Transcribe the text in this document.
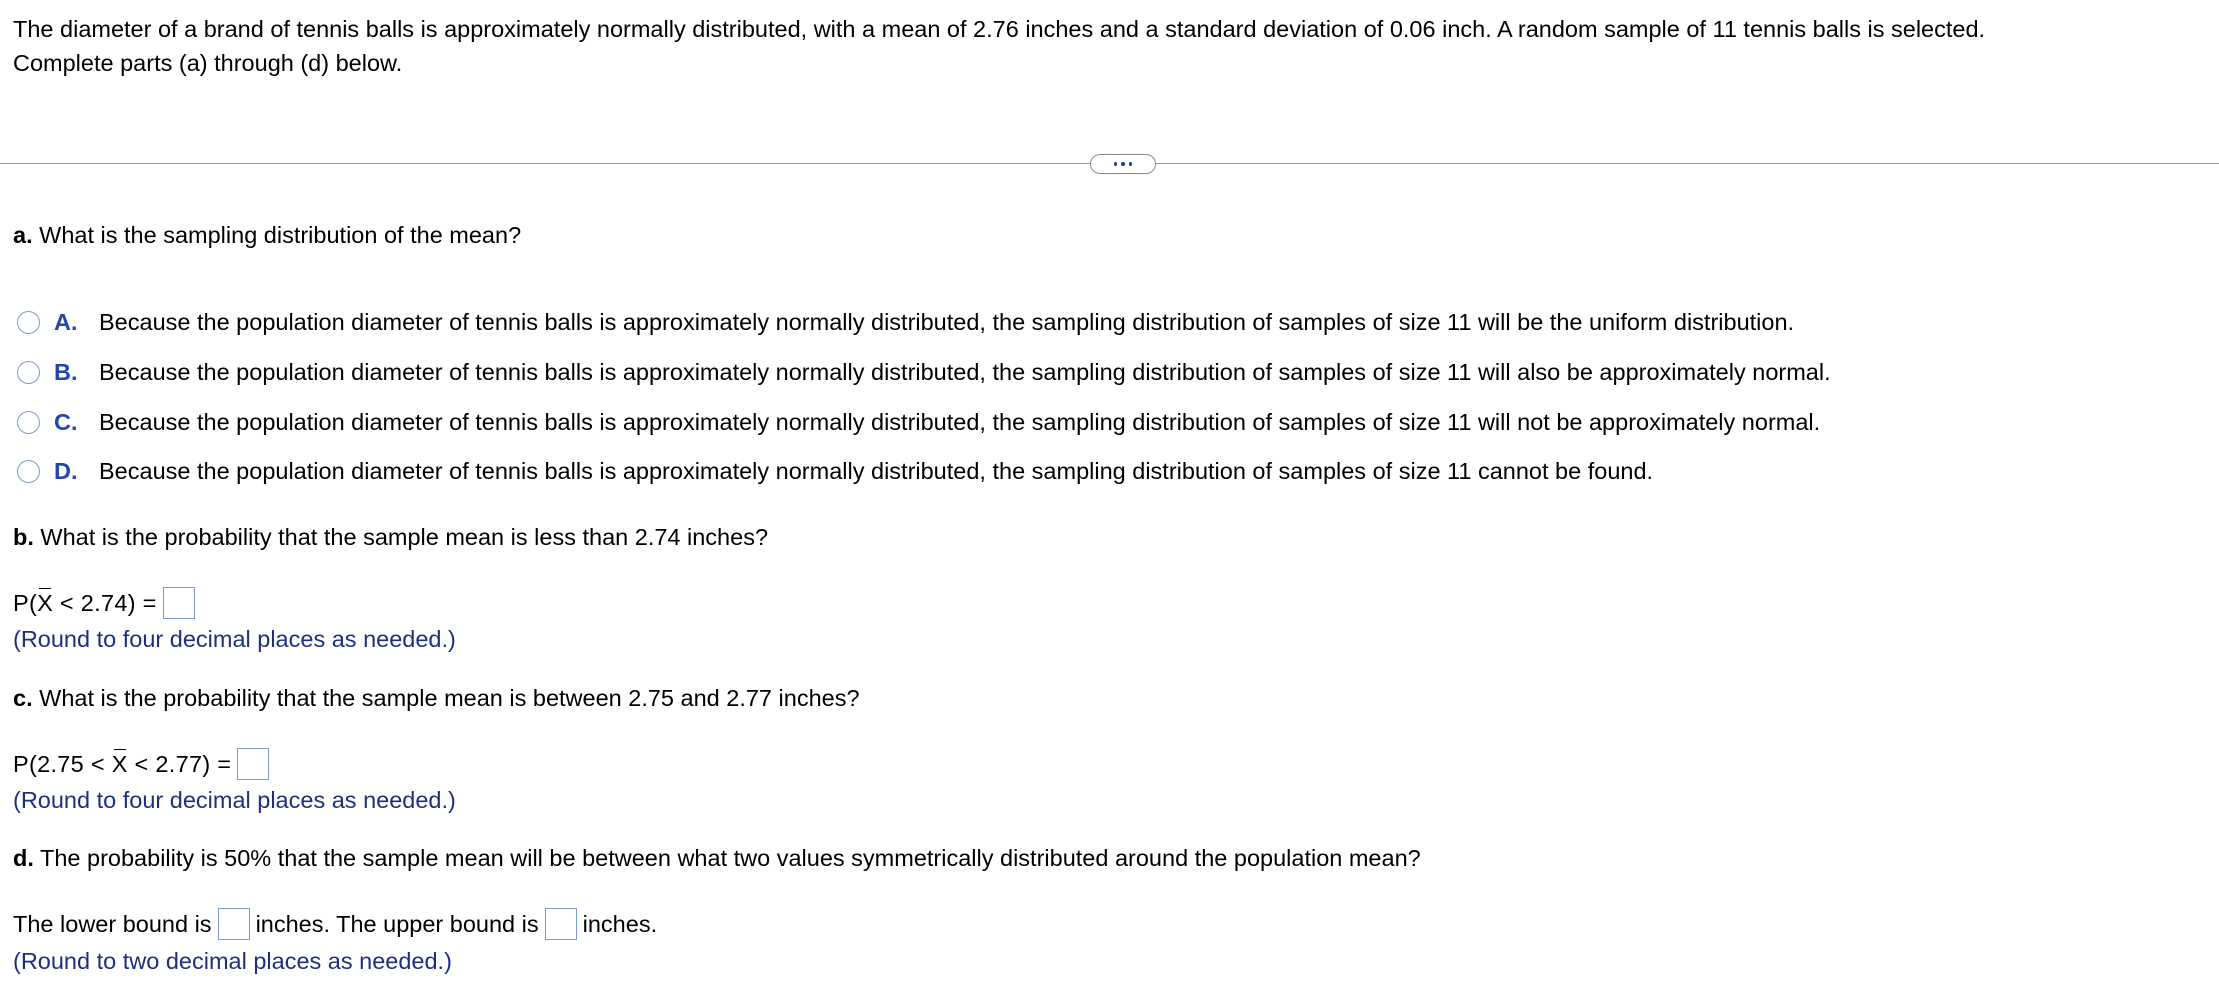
The diameter of a brand of tennis balls is approximately normally distributed, with a mean of 2.76 inches and a standard deviation of 0.06 inch. A random sample of 11 tennis balls is selected.
Complete parts (a) through (d) below.
a. What is the sampling distribution of the mean?
A. Because the population diameter of tennis balls is approximately normally distributed, the sampling distribution of samples of size 11 will be the uniform distribution.
B. Because the population diameter of tennis balls is approximately normally distributed, the sampling distribution of samples of size 11 will also be approximately normal.
C. Because the population diameter of tennis balls is approximately normally distributed, the sampling distribution of samples of size 11 will not be approximately normal.
D. Because the population diameter of tennis balls is approximately normally distributed, the sampling distribution of samples of size 11 cannot be found.
b. What is the probability that the sample mean is less than 2.74 inches?
P(X < 2.74) =
(Round to four decimal places as needed.)
c. What is the probability that the sample mean is between 2.75 and 2.77 inches?
P(2.75 < X < 2.77) =
(Round to four decimal places as needed.)
d. The probability is 50% that the sample mean will be between what two values symmetrically distributed around the population mean?
The lower bound is inches. The upper bound is inches.
(Round to two decimal places as needed.)
